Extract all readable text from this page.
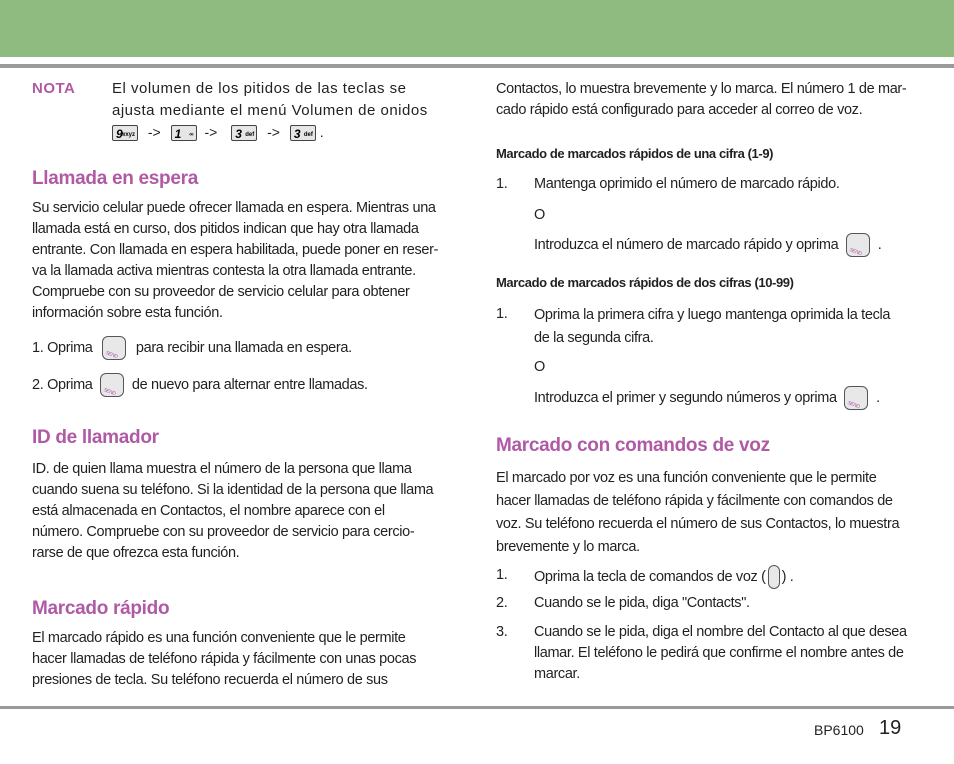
NOTA El volumen de los pitidos de las teclas se
ajusta mediante el menú Volumen de onidos
9
wxyz -> 1 ∞ -> 3 def -> 3 def .
Llamada en espera
Su servicio celular puede ofrecer llamada en espera. Mientras una
llamada está en curso, dos pitidos indican que hay otra llamada
entrante. Con llamada en espera habilitada, puede poner en reser-
va la llamada activa mientras contesta la otra llamada entrante.
Compruebe con su proveedor de servicio celular para obtener
información sobre esta función.
1. Oprima	SEND para recibir una llamada en espera.
2. Oprima	SEND de nuevo para alternar entre llamadas.
ID de llamador
ID. de quien llama muestra el número de la persona que llama
cuando suena su teléfono. Si la identidad de la persona que llama
está almacenada en Contactos, el nombre aparece con el
número. Compruebe con su proveedor de servicio para cercio-
rarse de que ofrezca esta función.
Marcado rápido
El marcado rápido es una función conveniente que le permite
hacer llamadas de teléfono rápida y fácilmente con unas pocas
presiones de tecla. Su teléfono recuerda el número de sus
Contactos, lo muestra brevemente y lo marca. El número 1 de mar-
cado rápido está configurado para acceder al correo de voz.
Marcado de marcados rápidos de una cifra (1-9)
1. Mantenga oprimido el número de marcado rápido.
O
Introduzca el número de marcado rápido y oprima	SEND .
Marcado de marcados rápidos de dos cifras (10-99)
1. Oprima la primera cifra y luego mantenga oprimida la tecla
de la segunda cifra.
O
Introduzca el primer y segundo números y oprima	SEND .
Marcado con comandos de voz
El marcado por voz es una función conveniente que le permite
hacer llamadas de teléfono rápida y fácilmente con comandos de
voz. Su teléfono recuerda el número de sus Contactos, lo muestra
brevemente y lo marca.
1. Oprima la tecla de comandos de voz ( ) .
2. Cuando se le pida, diga "Contacts".
3. Cuando se le pida, diga el nombre del Contacto al que desea
llamar. El teléfono le pedirá que confirme el nombre antes de
marcar.
BP6100 19
